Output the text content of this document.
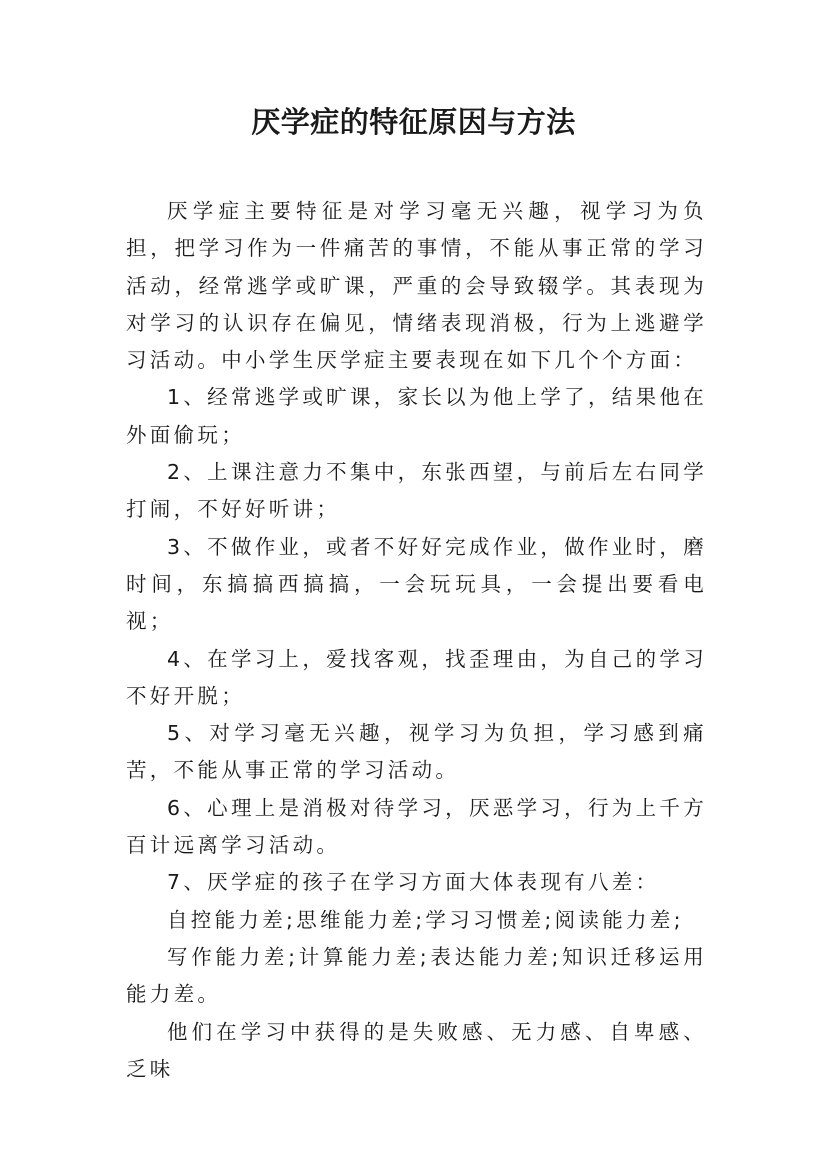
厌学症的特征原因与方法

厌学症主要特征是对学习毫无兴趣，视学习为负担，把学习作为一件痛苦的事情，不能从事正常的学习活动，经常逃学或旷课，严重的会导致辍学。其表现为对学习的认识存在偏见，情绪表现消极，行为上逃避学习活动。中小学生厌学症主要表现在如下几个个方面：

1、经常逃学或旷课，家长以为他上学了，结果他在外面偷玩；

2、上课注意力不集中，东张西望，与前后左右同学打闹，不好好听讲；

3、不做作业，或者不好好完成作业，做作业时，磨时间，东搞搞西搞搞，一会玩玩具，一会提出要看电视；

4、在学习上，爱找客观，找歪理由，为自己的学习不好开脱；

5、对学习毫无兴趣，视学习为负担，学习感到痛苦，不能从事正常的学习活动。

6、心理上是消极对待学习，厌恶学习，行为上千方百计远离学习活动。

7、厌学症的孩子在学习方面大体表现有八差：

自控能力差;思维能力差;学习习惯差;阅读能力差;

写作能力差;计算能力差;表达能力差;知识迁移运用能力差。

他们在学习中获得的是失败感、无力感、自卑感、乏味
